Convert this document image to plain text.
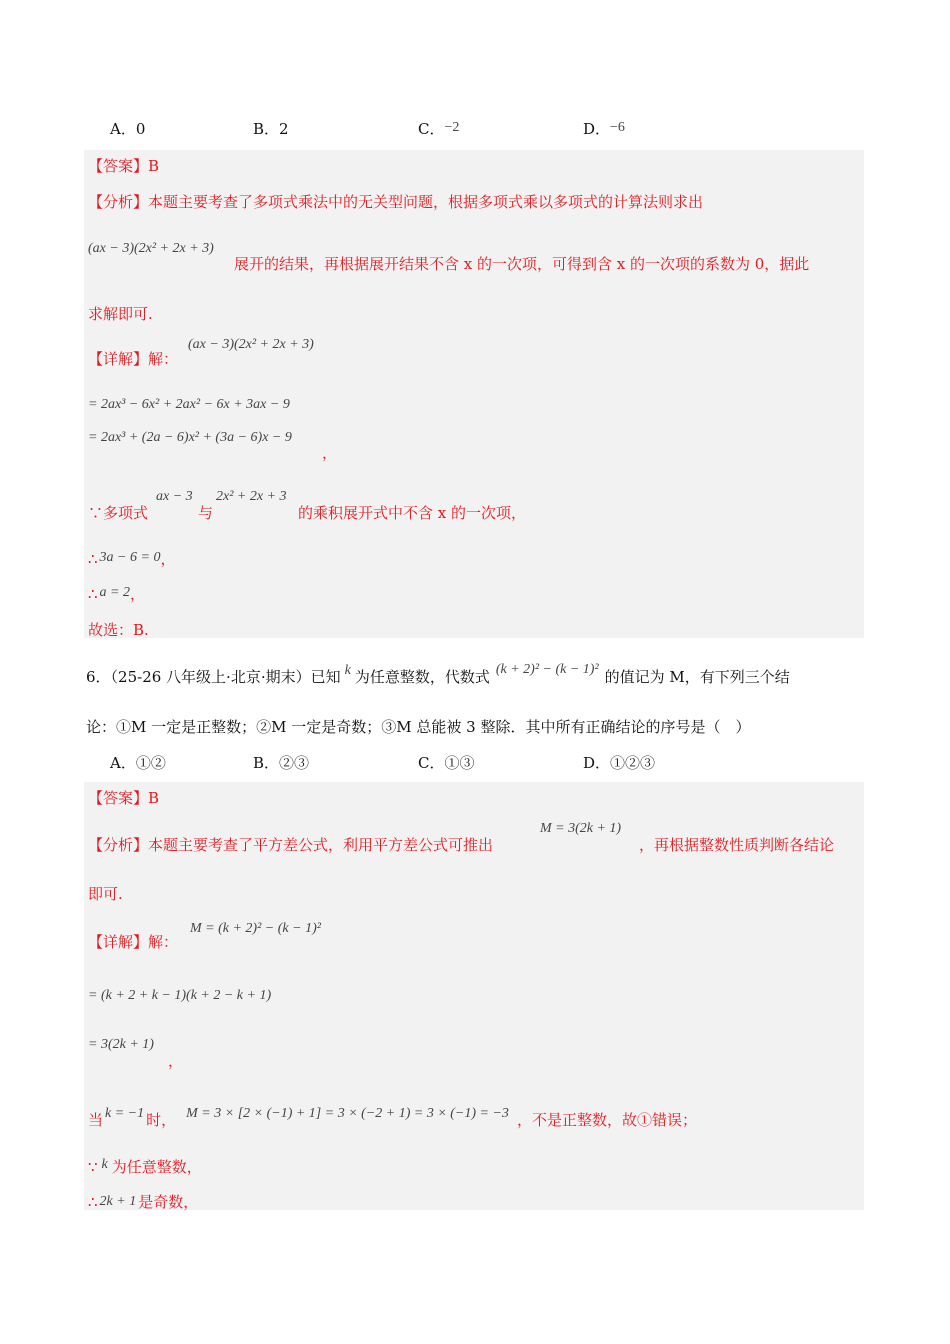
A．0	B．2	C．−2	D．−6
【答案】B
【分析】本题主要考查了多项式乘法中的无关型问题，根据多项式乘以多项式的计算法则求出
(ax − 3)(2x² + 2x + 3)
展开的结果，再根据展开结果不含 x 的一次项，可得到含 x 的一次项的系数为 0，据此
求解即可.
【详解】解：
(ax − 3)(2x² + 2x + 3)
= 2ax³ − 6x² + 2ax² − 6x + 3ax − 9
= 2ax³ + (2a − 6)x² + (3a − 6)x − 9
，
∵多项式
ax − 3
与
2x² + 2x + 3
的乘积展开式中不含 x 的一次项，
∴ 3a − 6 = 0，
∴ a = 2，
故选：B.
6．（25-26 八年级上·北京·期末）已知 k 为任意整数，代数式 (k + 2)² − (k − 1)² 的值记为 M，有下列三个结
论：①M 一定是正整数；②M 一定是奇数；③M 总能被 3 整除．其中所有正确结论的序号是（　）
A．①②	B．②③	C．①③	D．①②③
【答案】B
【分析】本题主要考查了平方差公式，利用平方差公式可推出
M = 3(2k + 1)
，再根据整数性质判断各结论
即可.
【详解】解：
M = (k + 2)² − (k − 1)²
= (k + 2 + k − 1)(k + 2 − k + 1)
= 3(2k + 1)
，
当 k = −1 时， M = 3 × [2 × (−1) + 1] = 3 × (−2 + 1) = 3 × (−1) = −3 ，不是正整数，故①错误；
∵ k 为任意整数，
∴ 2k + 1 是奇数，
